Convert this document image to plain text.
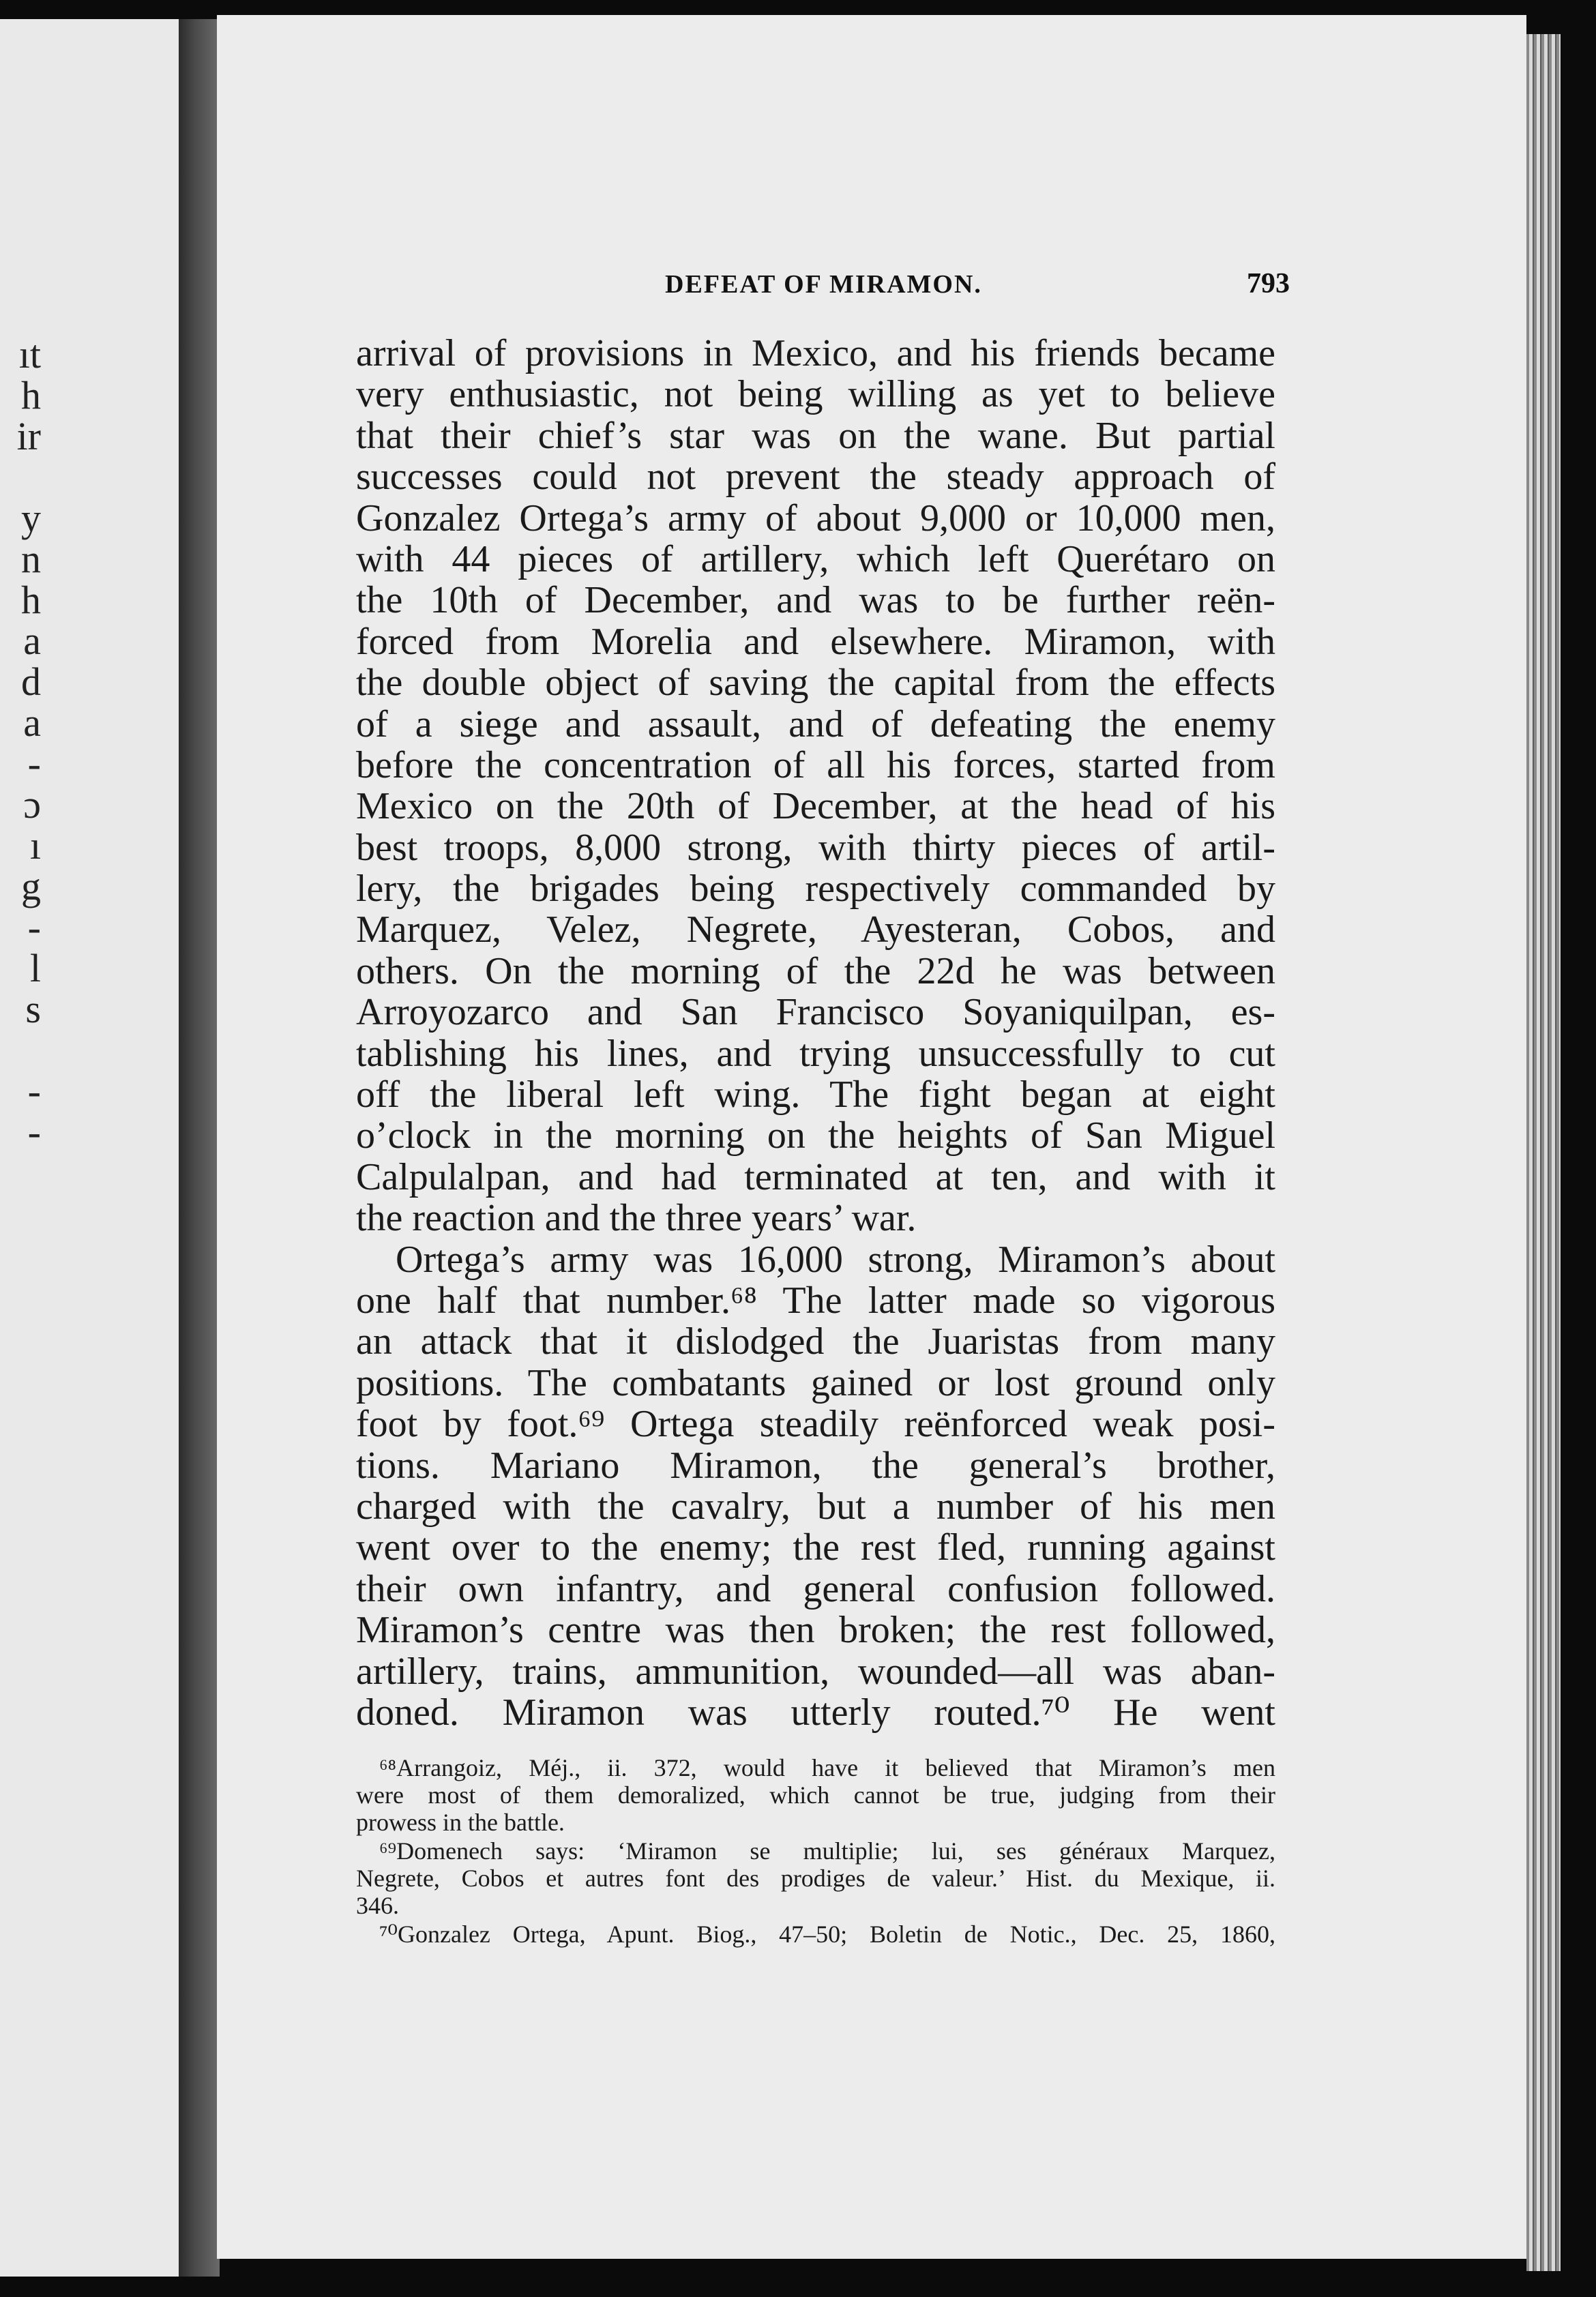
ıt
h
ir
y
n
h
a
d
a
-
ɔ
ı
g
-
l
s
-
-
DEFEAT OF MIRAMON.	793
arrival of provisions in Mexico, and his friends became
very enthusiastic, not being willing as yet to believe
that their chief’s star was on the wane. But partial
successes could not prevent the steady approach of
Gonzalez Ortega’s army of about 9,000 or 10,000 men,
with 44 pieces of artillery, which left Querétaro on
the 10th of December, and was to be further reën-
forced from Morelia and elsewhere. Miramon, with
the double object of saving the capital from the effects
of a siege and assault, and of defeating the enemy
before the concentration of all his forces, started from
Mexico on the 20th of December, at the head of his
best troops, 8,000 strong, with thirty pieces of artil-
lery, the brigades being respectively commanded by
Marquez, Velez, Negrete, Ayesteran, Cobos, and
others. On the morning of the 22d he was between
Arroyozarco and San Francisco Soyaniquilpan, es-
tablishing his lines, and trying unsuccessfully to cut
off the liberal left wing. The fight began at eight
o’clock in the morning on the heights of San Miguel
Calpulalpan, and had terminated at ten, and with it
the reaction and the three years’ war.
Ortega’s army was 16,000 strong, Miramon’s about
one half that number.⁶⁸ The latter made so vigorous
an attack that it dislodged the Juaristas from many
positions. The combatants gained or lost ground only
foot by foot.⁶⁹ Ortega steadily reënforced weak posi-
tions. Mariano Miramon, the general’s brother,
charged with the cavalry, but a number of his men
went over to the enemy; the rest fled, running against
their own infantry, and general confusion followed.
Miramon’s centre was then broken; the rest followed,
artillery, trains, ammunition, wounded—all was aban-
doned. Miramon was utterly routed.⁷⁰ He went
⁶⁸Arrangoiz, Méj., ii. 372, would have it believed that Miramon’s men
were most of them demoralized, which cannot be true, judging from their
prowess in the battle.
⁶⁹Domenech says: ‘Miramon se multiplie; lui, ses généraux Marquez,
Negrete, Cobos et autres font des prodiges de valeur.’ Hist. du Mexique, ii.
346.
⁷⁰Gonzalez Ortega, Apunt. Biog., 47–50; Boletin de Notic., Dec. 25, 1860,
